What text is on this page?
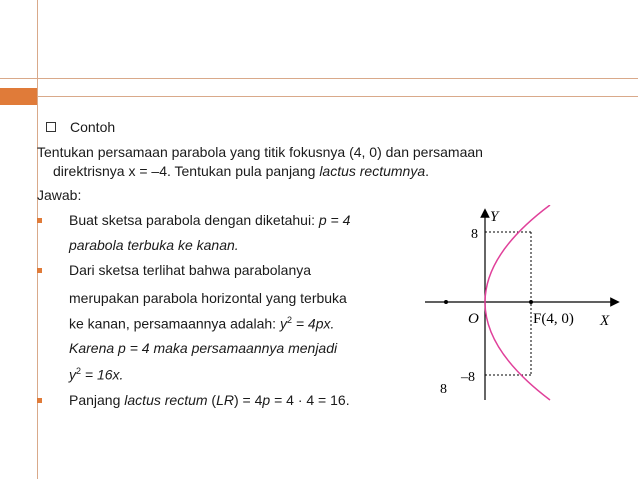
Contoh
Tentukan persamaan parabola yang titik fokusnya (4, 0) dan persamaan
direktrisnya x = –4. Tentukan pula panjang lactus rectumnya.
Jawab:
Buat sketsa parabola dengan diketahui: p = 4
parabola terbuka ke kanan.
Dari sketsa terlihat bahwa parabolanya
merupakan parabola horizontal yang terbuka
ke kanan, persamaannya adalah: $y^2 = 4px$.
Karena p = 4 maka persamaannya menjadi
$y^2 = 16x$.
Panjang lactus rectum (LR) = 4p = 4 · 4 = 16.
Y
X
O	F(4, 0)
8
–8
8
